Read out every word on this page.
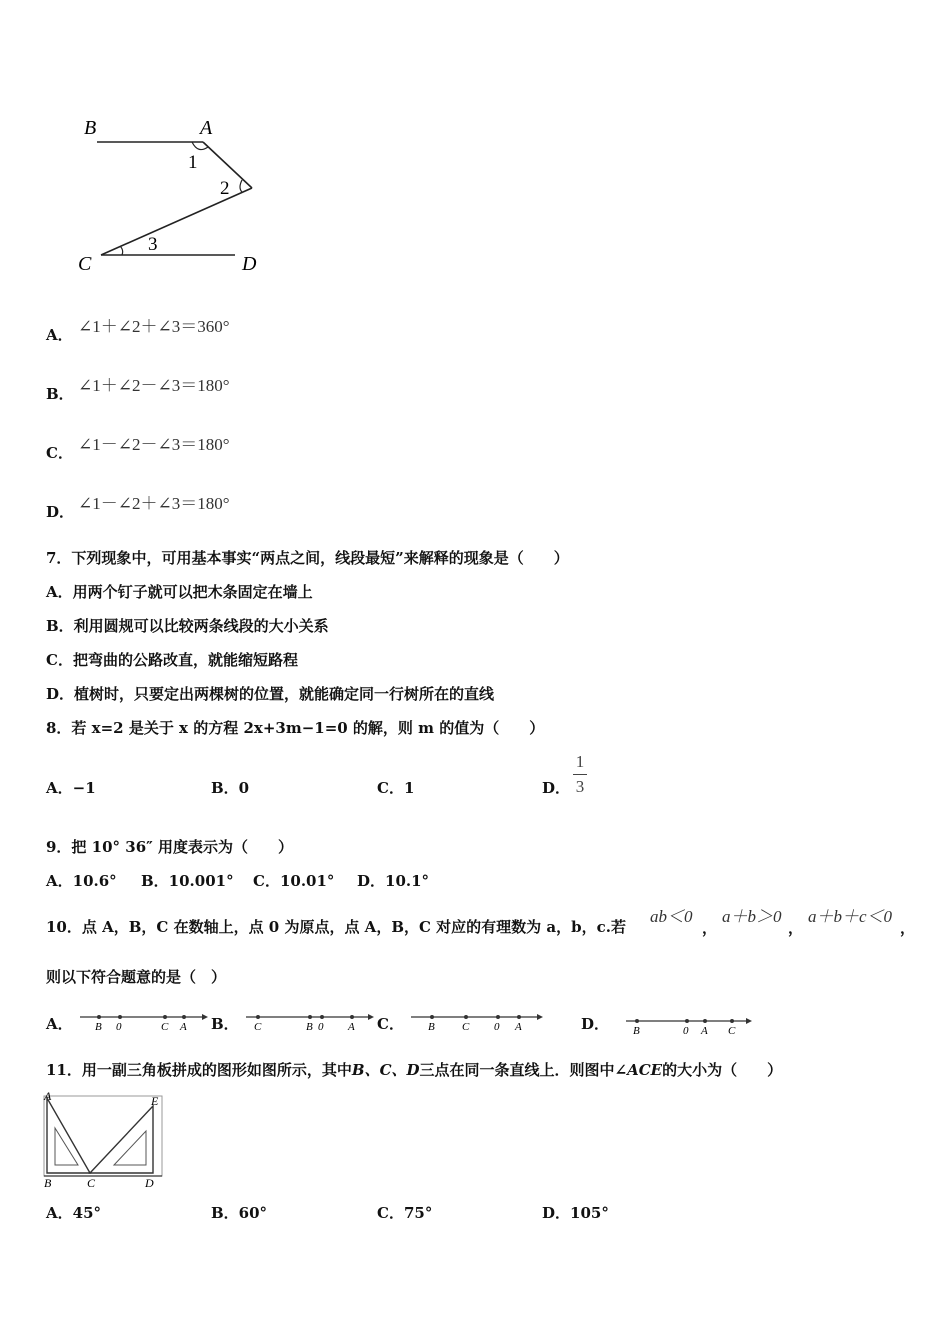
B	A
C	D
1
2
3
A． ∠1＋∠2＋∠3＝360°
B． ∠1＋∠2－∠3＝180°
C． ∠1－∠2－∠3＝180°
D． ∠1－∠2＋∠3＝180°
7．下列现象中，可用基本事实“两点之间，线段最短”来解释的现象是（　　）
A．用两个钉子就可以把木条固定在墙上
B．利用圆规可以比较两条线段的大小关系
C．把弯曲的公路改直，就能缩短路程
D．植树时，只要定出两棵树的位置，就能确定同一行树所在的直线
8．若 x=2 是关于 x 的方程 2x+3m−1=0 的解，则 m 的值为（　　）
A．−1	B．0	C．1	D．
1
3
9．把 10° 36″ 用度表示为（　　）
A．10.6° B．10.001° C．10.01° D．10.1°
10．点 A，B，C 在数轴上，点 0 为原点，点 A，B，C 对应的有理数为 a，b，c.若
ab＜0
，
a＋b＞0
，
a＋b＋c＜0
，
则以下符合题意的是（　）
A． B 0	C A B． C	B 0 A C． B C 0 A	D． B	0 A C
11．用一副三角板拼成的图形如图所示，其中B、C、D三点在同一条直线上．则图中∠ACE的大小为（　　）
A	E
B	C	D
A．45°	B．60°	C．75°	D．105°
